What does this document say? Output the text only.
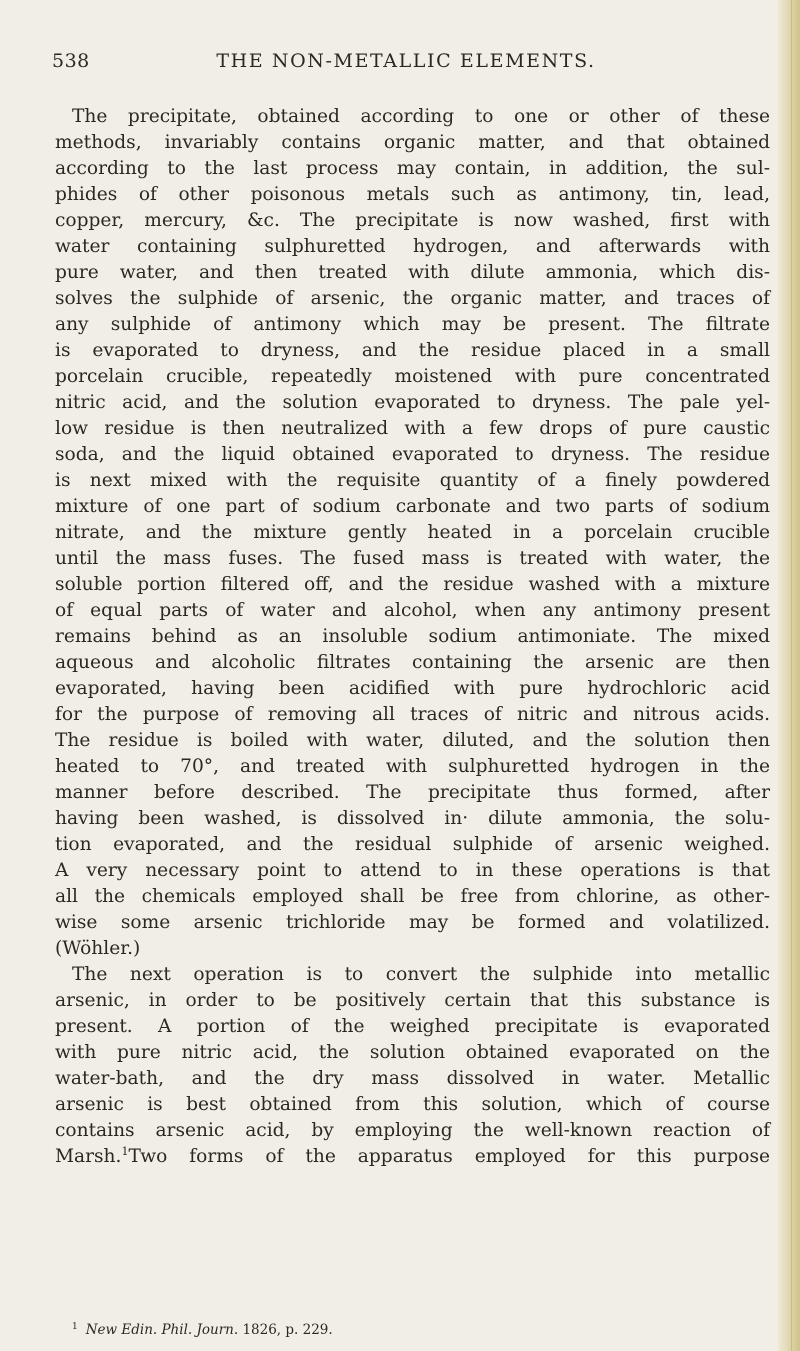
538	THE NON-METALLIC ELEMENTS.
The precipitate, obtained according to one or other of these
methods, invariably contains organic matter, and that obtained
according to the last process may contain, in addition, the sul-
phides of other poisonous metals such as antimony, tin, lead,
copper, mercury, &c. The precipitate is now washed, first with
water containing sulphuretted hydrogen, and afterwards with
pure water, and then treated with dilute ammonia, which dis-
solves the sulphide of arsenic, the organic matter, and traces of
any sulphide of antimony which may be present. The filtrate
is evaporated to dryness, and the residue placed in a small
porcelain crucible, repeatedly moistened with pure concentrated
nitric acid, and the solution evaporated to dryness. The pale yel-
low residue is then neutralized with a few drops of pure caustic
soda, and the liquid obtained evaporated to dryness. The residue
is next mixed with the requisite quantity of a finely powdered
mixture of one part of sodium carbonate and two parts of sodium
nitrate, and the mixture gently heated in a porcelain crucible
until the mass fuses. The fused mass is treated with water, the
soluble portion filtered off, and the residue washed with a mixture
of equal parts of water and alcohol, when any antimony present
remains behind as an insoluble sodium antimoniate. The mixed
aqueous and alcoholic filtrates containing the arsenic are then
evaporated, having been acidified with pure hydrochloric acid
for the purpose of removing all traces of nitric and nitrous acids.
The residue is boiled with water, diluted, and the solution then
heated to 70°, and treated with sulphuretted hydrogen in the
manner before described. The precipitate thus formed, after
having been washed, is dissolved in· dilute ammonia, the solu-
tion evaporated, and the residual sulphide of arsenic weighed.
A very necessary point to attend to in these operations is that
all the chemicals employed shall be free from chlorine, as other-
wise some arsenic trichloride may be formed and volatilized.
(Wöhler.)
The next operation is to convert the sulphide into metallic
arsenic, in order to be positively certain that this substance is
present. A portion of the weighed precipitate is evaporated
with pure nitric acid, the solution obtained evaporated on the
water-bath, and the dry mass dissolved in water. Metallic
arsenic is best obtained from this solution, which of course
contains arsenic acid, by employing the well-known reaction of
Marsh.$^1$Two forms of the apparatus employed for this purpose
$^1$ New Edin. Phil. Journ. 1826, p. 229.
